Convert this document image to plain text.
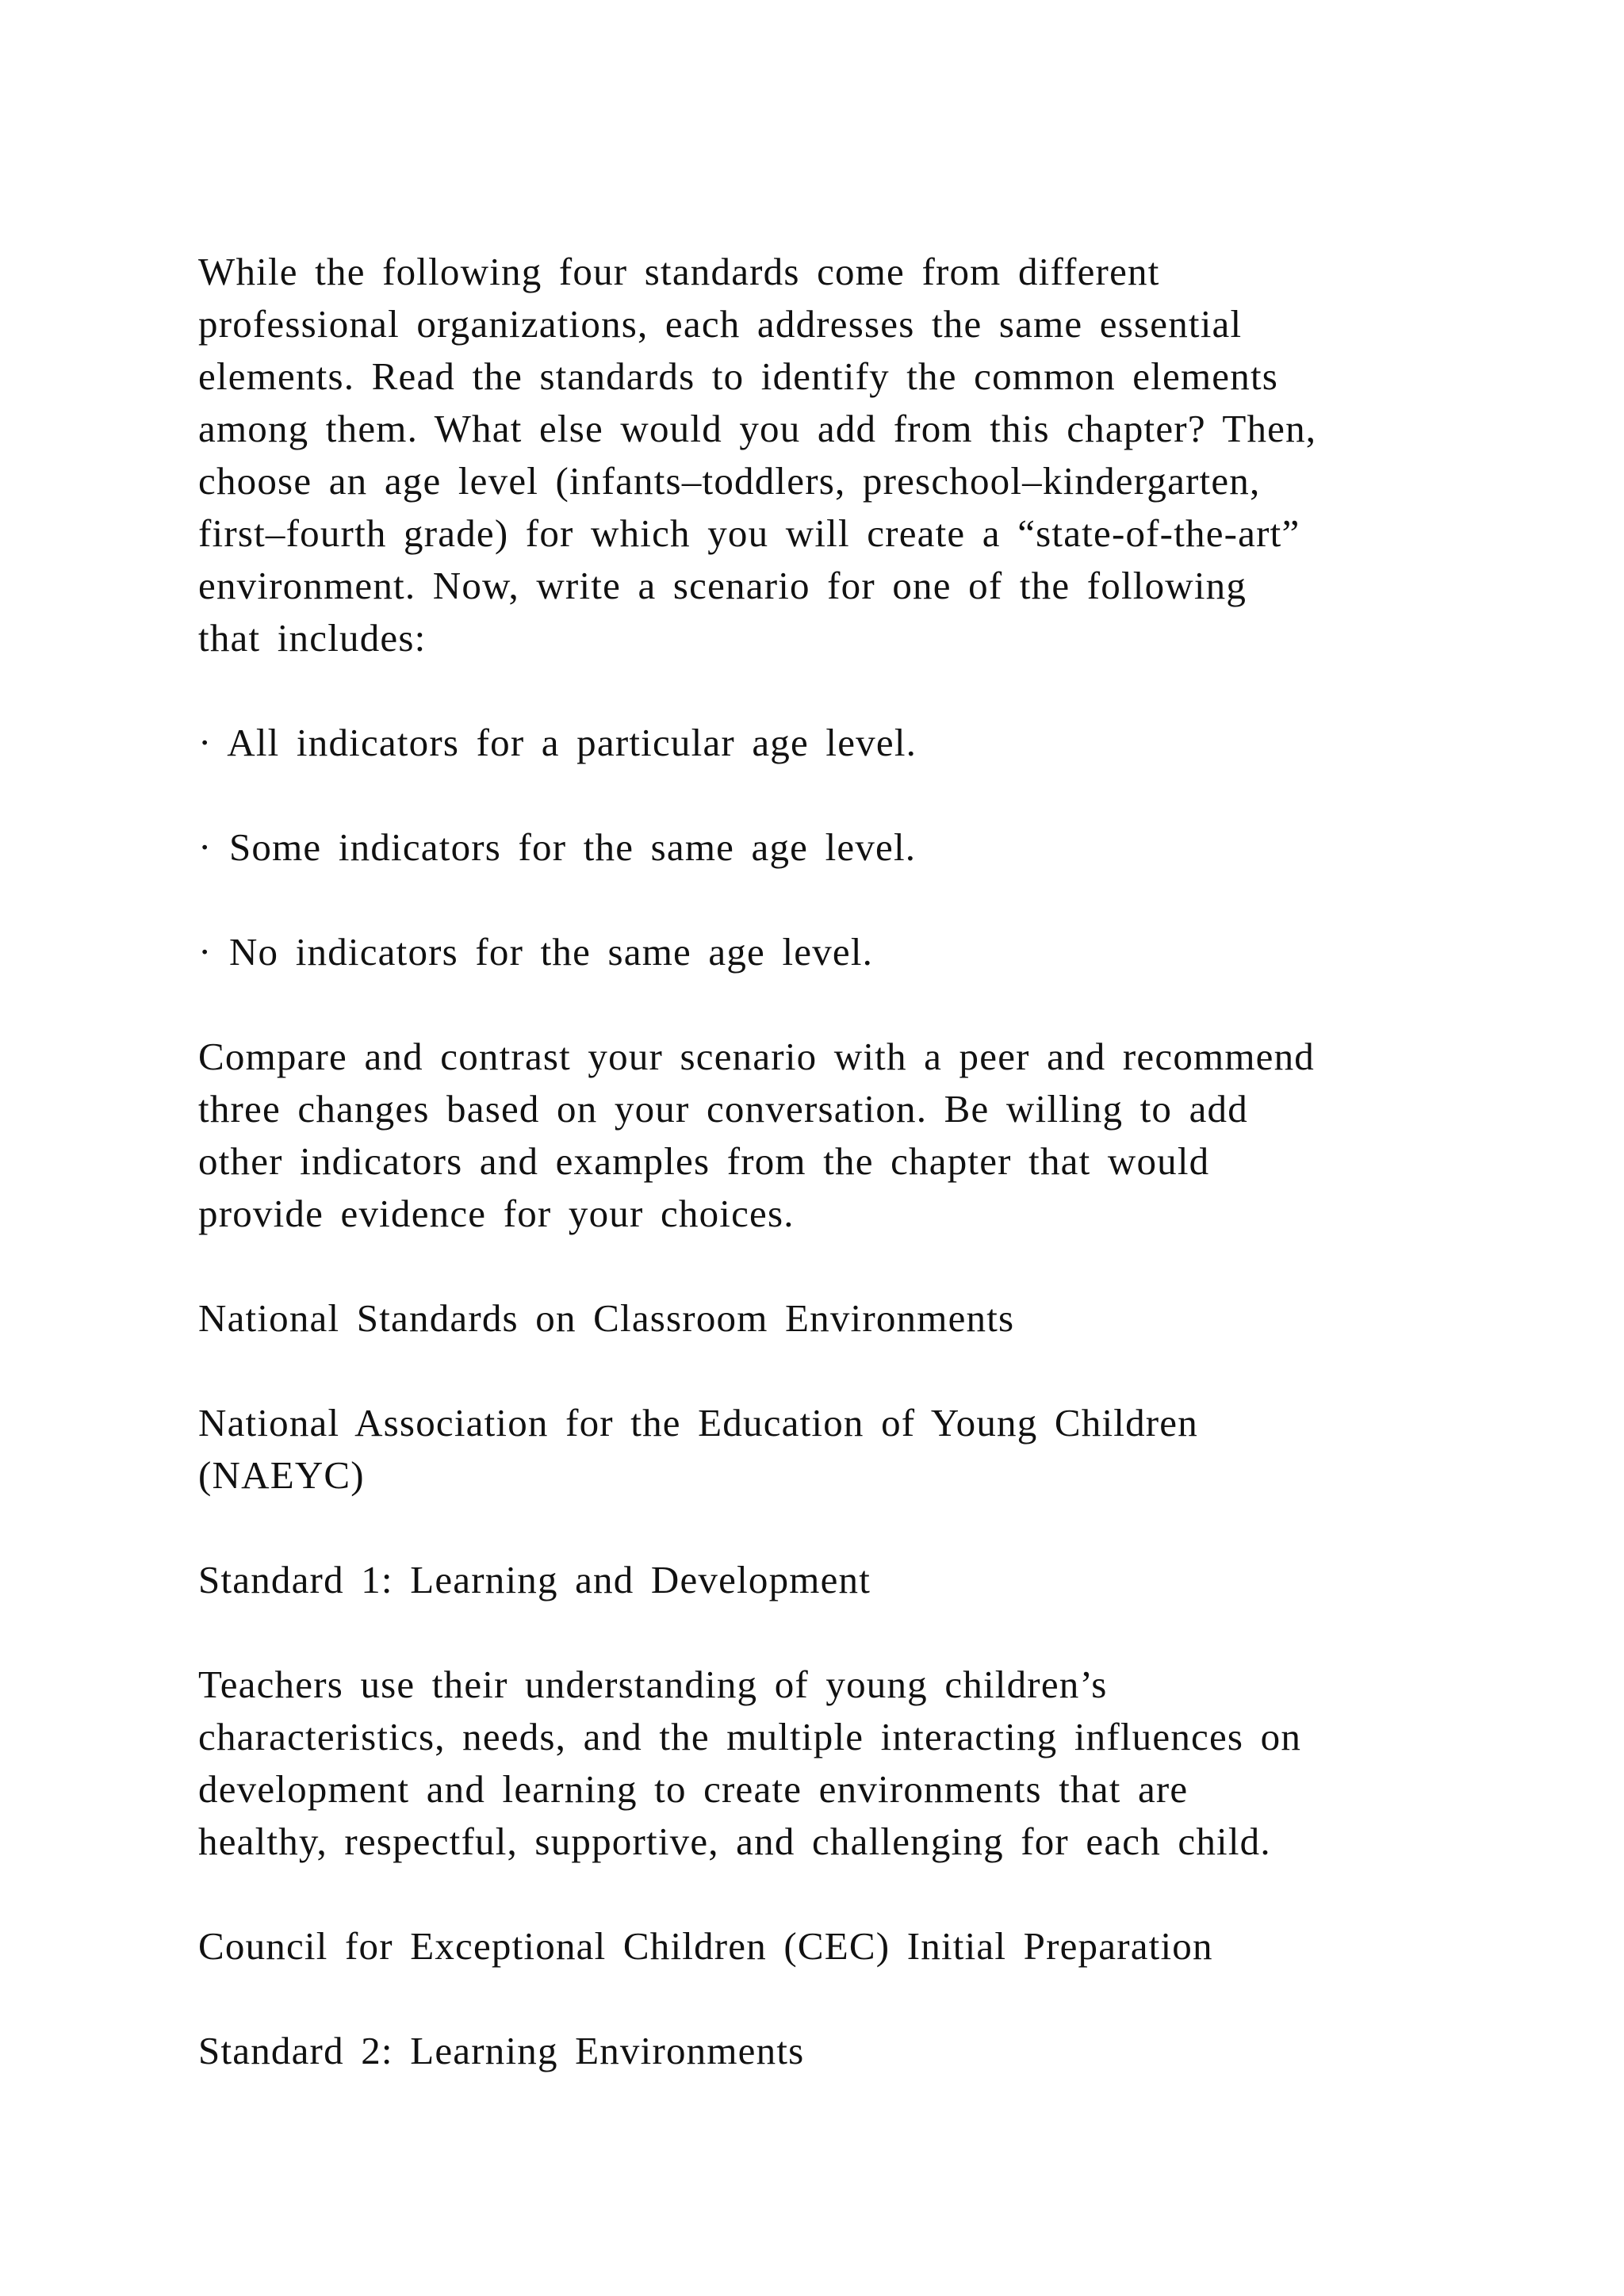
While the following four standards come from different
professional organizations, each addresses the same essential
elements. Read the standards to identify the common elements
among them. What else would you add from this chapter? Then,
choose an age level (infants–toddlers, preschool–kindergarten,
first–fourth grade) for which you will create a “state-of-the-art”
environment. Now, write a scenario for one of the following
that includes:

· All indicators for a particular age level.

· Some indicators for the same age level.

· No indicators for the same age level.

Compare and contrast your scenario with a peer and recommend
three changes based on your conversation. Be willing to add
other indicators and examples from the chapter that would
provide evidence for your choices.

National Standards on Classroom Environments

National Association for the Education of Young Children
(NAEYC)

Standard 1: Learning and Development

Teachers use their understanding of young children’s
characteristics, needs, and the multiple interacting influences on
development and learning to create environments that are
healthy, respectful, supportive, and challenging for each child.

Council for Exceptional Children (CEC) Initial Preparation

Standard 2: Learning Environments
